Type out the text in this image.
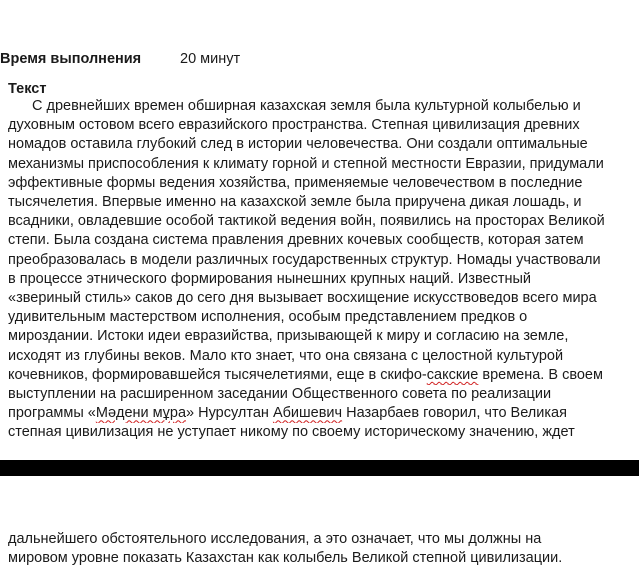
Время выполнения	20 минут
Текст
С древнейших времен обширная казахская земля была культурной колыбелью и
духовным остовом всего евразийского пространства. Степная цивилизация древних
номадов оставила глубокий след в истории человечества. Они создали оптимальные
механизмы приспособления к климату горной и степной местности Евразии, придумали
эффективные формы ведения хозяйства, применяемые человечеством в последние
тысячелетия. Впервые именно на казахской земле была приручена дикая лошадь, и
всадники, овладевшие особой тактикой ведения войн, появились на просторах Великой
степи. Была создана система правления древних кочевых сообществ, которая затем
преобразовалась в модели различных государственных структур. Номады участвовали
в процессе этнического формирования нынешних крупных наций. Известный
«звериный стиль» саков до сего дня вызывает восхищение искусствоведов всего мира
удивительным мастерством исполнения, особым представлением предков о
мироздании. Истоки идеи евразийства, призывающей к миру и согласию на земле,
исходят из глубины веков. Мало кто знает, что она связана с целостной культурой
кочевников, формировавшейся тысячелетиями, еще в скифо-сакские времена. В своем
выступлении на расширенном заседании Общественного совета по реализации
программы «Мәдени мұра» Нурсултан Абишевич Назарбаев говорил, что Великая
степная цивилизация не уступает никому по своему историческому значению, ждет
дальнейшего обстоятельного исследования, а это означает, что мы должны на
мировом уровне показать Казахстан как колыбель Великой степной цивилизации.
